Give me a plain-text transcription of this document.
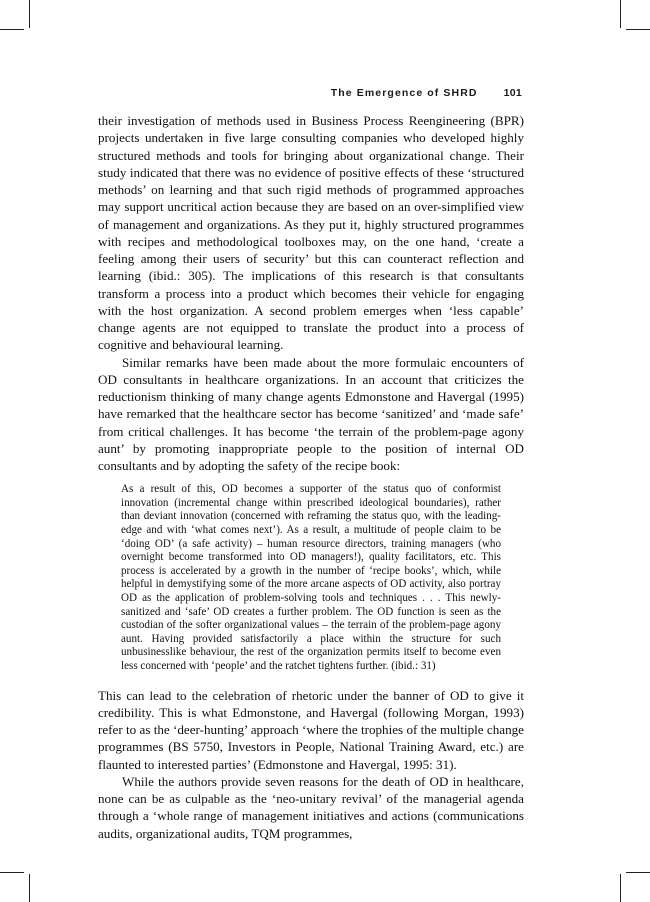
The Emergence of SHRD 101

their investigation of methods used in Business Process Reengineering (BPR) projects undertaken in five large consulting companies who developed highly structured methods and tools for bringing about organizational change. Their study indicated that there was no evidence of positive effects of these ‘structured methods’ on learning and that such rigid methods of programmed approaches may support uncritical action because they are based on an over-simplified view of management and organizations. As they put it, highly structured programmes with recipes and methodological toolboxes may, on the one hand, ‘create a feeling among their users of security’ but this can counteract reflection and learning (ibid.: 305). The implications of this research is that consultants transform a process into a product which becomes their vehicle for engaging with the host organization. A second problem emerges when ‘less capable’ change agents are not equipped to translate the product into a process of cognitive and behavioural learning.

Similar remarks have been made about the more formulaic encounters of OD consultants in healthcare organizations. In an account that criticizes the reductionism thinking of many change agents Edmonstone and Havergal (1995) have remarked that the healthcare sector has become ‘sanitized’ and ‘made safe’ from critical challenges. It has become ‘the terrain of the problem-page agony aunt’ by promoting inappropriate people to the position of internal OD consultants and by adopting the safety of the recipe book:

As a result of this, OD becomes a supporter of the status quo of conformist innovation (incremental change within prescribed ideological boundaries), rather than deviant innovation (concerned with reframing the status quo, with the leading-edge and with ‘what comes next’). As a result, a multitude of people claim to be ‘doing OD’ (a safe activity) – human resource directors, training managers (who overnight become transformed into OD managers!), quality facilitators, etc. This process is accelerated by a growth in the number of ‘recipe books’, which, while helpful in demystifying some of the more arcane aspects of OD activity, also portray OD as the application of problem-solving tools and techniques . . . This newly-sanitized and ‘safe’ OD creates a further problem. The OD function is seen as the custodian of the softer organizational values – the terrain of the problem-page agony aunt. Having provided satisfactorily a place within the structure for such unbusinesslike behaviour, the rest of the organization permits itself to become even less concerned with ‘people’ and the ratchet tightens further. (ibid.: 31)

This can lead to the celebration of rhetoric under the banner of OD to give it credibility. This is what Edmonstone, and Havergal (following Morgan, 1993) refer to as the ‘deer-hunting’ approach ‘where the trophies of the multiple change programmes (BS 5750, Investors in People, National Training Award, etc.) are flaunted to interested parties’ (Edmonstone and Havergal, 1995: 31).

While the authors provide seven reasons for the death of OD in healthcare, none can be as culpable as the ‘neo-unitary revival’ of the managerial agenda through a ‘whole range of management initiatives and actions (communications audits, organizational audits, TQM programmes,
